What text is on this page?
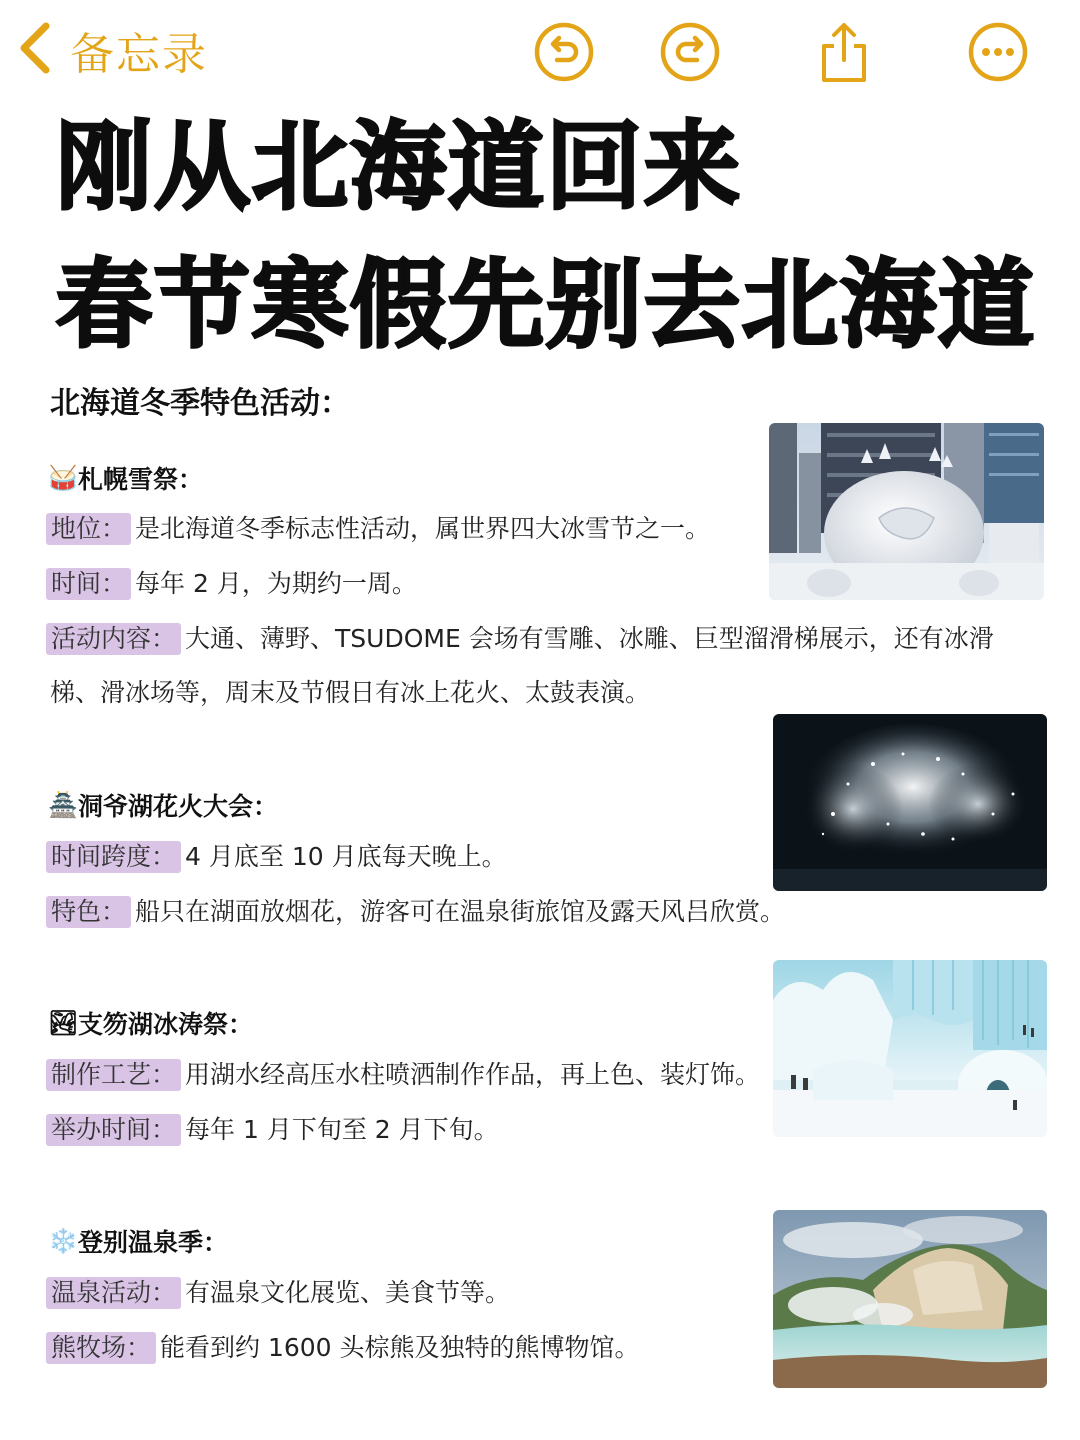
备忘录
刚从北海道回来
春节寒假先别去北海道
北海道冬季特色活动：
🥁 札幌雪祭：
地位： 是北海道冬季标志性活动，属世界四大冰雪节之一。
时间： 每年 2 月，为期约一周。
活动内容： 大通、薄野、TSUDOME 会场有雪雕、冰雕、巨型溜滑梯展示，还有冰滑
梯、滑冰场等，周末及节假日有冰上花火、太鼓表演。
🏯 洞爷湖花火大会：
时间跨度： 4 月底至 10 月底每天晚上。
特色： 船只在湖面放烟花，游客可在温泉街旅馆及露天风吕欣赏。
🏞 支笏湖冰涛祭：
制作工艺： 用湖水经高压水柱喷洒制作作品，再上色、装灯饰。
举办时间： 每年 1 月下旬至 2 月下旬。
❄️ 登别温泉季：
温泉活动： 有温泉文化展览、美食节等。
熊牧场： 能看到约 1600 头棕熊及独特的熊博物馆。
